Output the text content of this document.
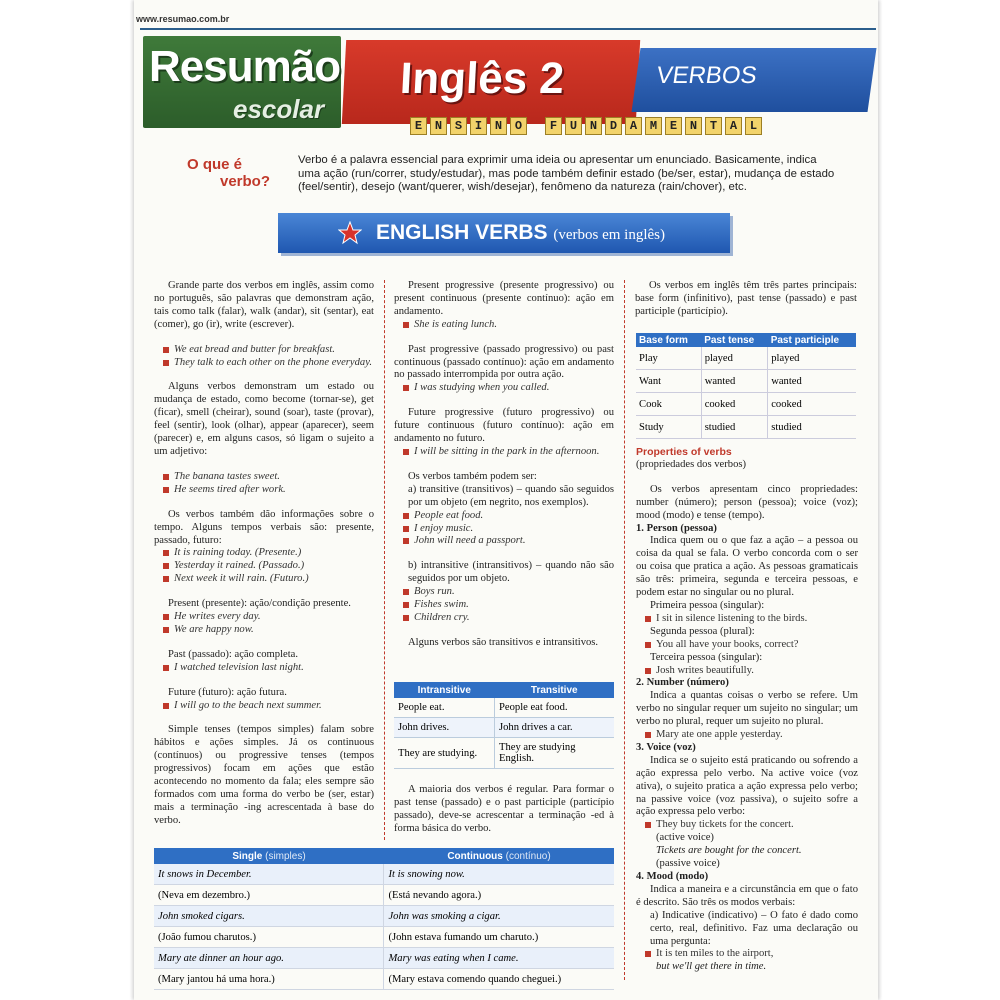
www.resumao.com.br
Resumão
escolar
Inglês 2	VERBOS
E	N	S	I	N	O	F	U	N	D	A	M	E	N	T	A	L
O que é
verbo?
Verbo é a palavra essencial para exprimir uma ideia ou apresentar um enunciado. Basicamente, indica uma ação (run/correr, study/estudar), mas pode também definir estado (be/ser, estar), mudança de estado (feel/sentir), desejo (want/querer, wish/desejar), fenômeno da natureza (rain/chover), etc.
ENGLISH VERBS (verbos em inglês)

Grande parte dos verbos em inglês, assim como no português, são palavras que demonstram ação, tais como talk (falar), walk (andar), sit (sentar), eat (comer), go (ir), write (escrever).

We eat bread and butter for breakfast.
They talk to each other on the phone everyday.

Alguns verbos demonstram um estado ou mudança de estado, como become (tornar-se), get (ficar), smell (cheirar), sound (soar), taste (provar), feel (sentir), look (olhar), appear (aparecer), seem (parecer) e, em alguns casos, só ligam o sujeito a um adjetivo:

The banana tastes sweet.
He seems tired after work.

Os verbos também dão informações sobre o tempo. Alguns tempos verbais são: presente, passado, futuro:

It is raining today. (Presente.)
Yesterday it rained. (Passado.)
Next week it will rain. (Futuro.)

Present (presente): ação/condição presente.

He writes every day.
We are happy now.

Past (passado): ação completa.

I watched television last night.

Future (futuro): ação futura.

I will go to the beach next summer.

Simple tenses (tempos simples) falam sobre hábitos e ações simples. Já os continuous (contínuos) ou progressive tenses (tempos progressivos) focam em ações que estão acontecendo no momento da fala; eles sempre são formados com uma forma do verbo be (ser, estar) mais a terminação -ing acrescentada à base do verbo.

Present progressive (presente progressivo) ou present continuous (presente contínuo): ação em andamento.

She is eating lunch.

Past progressive (passado progressivo) ou past continuous (passado contínuo): ação em andamento no passado interrompida por outra ação.

I was studying when you called.

Future progressive (futuro progressivo) ou future continuous (futuro contínuo): ação em andamento no futuro.

I will be sitting in the park in the afternoon.

Os verbos também podem ser:

a) transitive (transitivos) – quando são seguidos por um objeto (em negrito, nos exemplos).

People eat food.
I enjoy music.
John will need a passport.

b) intransitive (intransitivos) – quando não são seguidos por um objeto.

Boys run.
Fishes swim.
Children cry.

Alguns verbos são transitivos e intransitivos.

Intransitive	Transitive
People eat.	People eat food.
John drives.	John drives a car.
They are studying.	They are studying English.

A maioria dos verbos é regular. Para formar o past tense (passado) e o past participle (particípio passado), deve-se acrescentar a terminação -ed à forma básica do verbo.

Os verbos em inglês têm três partes principais: base form (infinitivo), past tense (passado) e past participle (particípio).

Base form	Past tense	Past participle
Play	played	played
Want	wanted	wanted
Cook	cooked	cooked
Study	studied	studied
Properties of verbs

(propriedades dos verbos)

Os verbos apresentam cinco propriedades: number (número); person (pessoa); voice (voz); mood (modo) e tense (tempo).

1. Person (pessoa)

Indica quem ou o que faz a ação – a pessoa ou coisa da qual se fala. O verbo concorda com o ser ou coisa que pratica a ação. As pessoas gramaticais são três: primeira, segunda e terceira pessoas, e podem estar no singular ou no plural.

Primeira pessoa (singular):
I sit in silence listening to the birds.
Segunda pessoa (plural):
You all have your books, correct?
Terceira pessoa (singular):
Josh writes beautifully.
2. Number (número)

Indica a quantas coisas o verbo se refere. Um verbo no singular requer um sujeito no singular; um verbo no plural, requer um sujeito no plural.

Mary ate one apple yesterday.
3. Voice (voz)

Indica se o sujeito está praticando ou sofrendo a ação expressa pelo verbo. Na active voice (voz ativa), o sujeito pratica a ação expressa pelo verbo; na passive voice (voz passiva), o sujeito sofre a ação expressa pelo verbo:

They buy tickets for the concert.
(active voice)
Tickets are bought for the concert.
(passive voice)
4. Mood (modo)

Indica a maneira e a circunstância em que o fato é descrito. São três os modos verbais:

a) Indicative (indicativo) – O fato é dado como certo, real, definitivo. Faz uma declaração ou uma pergunta:
It is ten miles to the airport,
but we'll get there in time.
Single (simples)	Continuous (contínuo)
It snows in December.	It is snowing now.
(Neva em dezembro.)	(Está nevando agora.)
John smoked cigars.	John was smoking a cigar.
(João fumou charutos.)	(John estava fumando um charuto.)
Mary ate dinner an hour ago.	Mary was eating when I came.
(Mary jantou há uma hora.)	(Mary estava comendo quando cheguei.)
